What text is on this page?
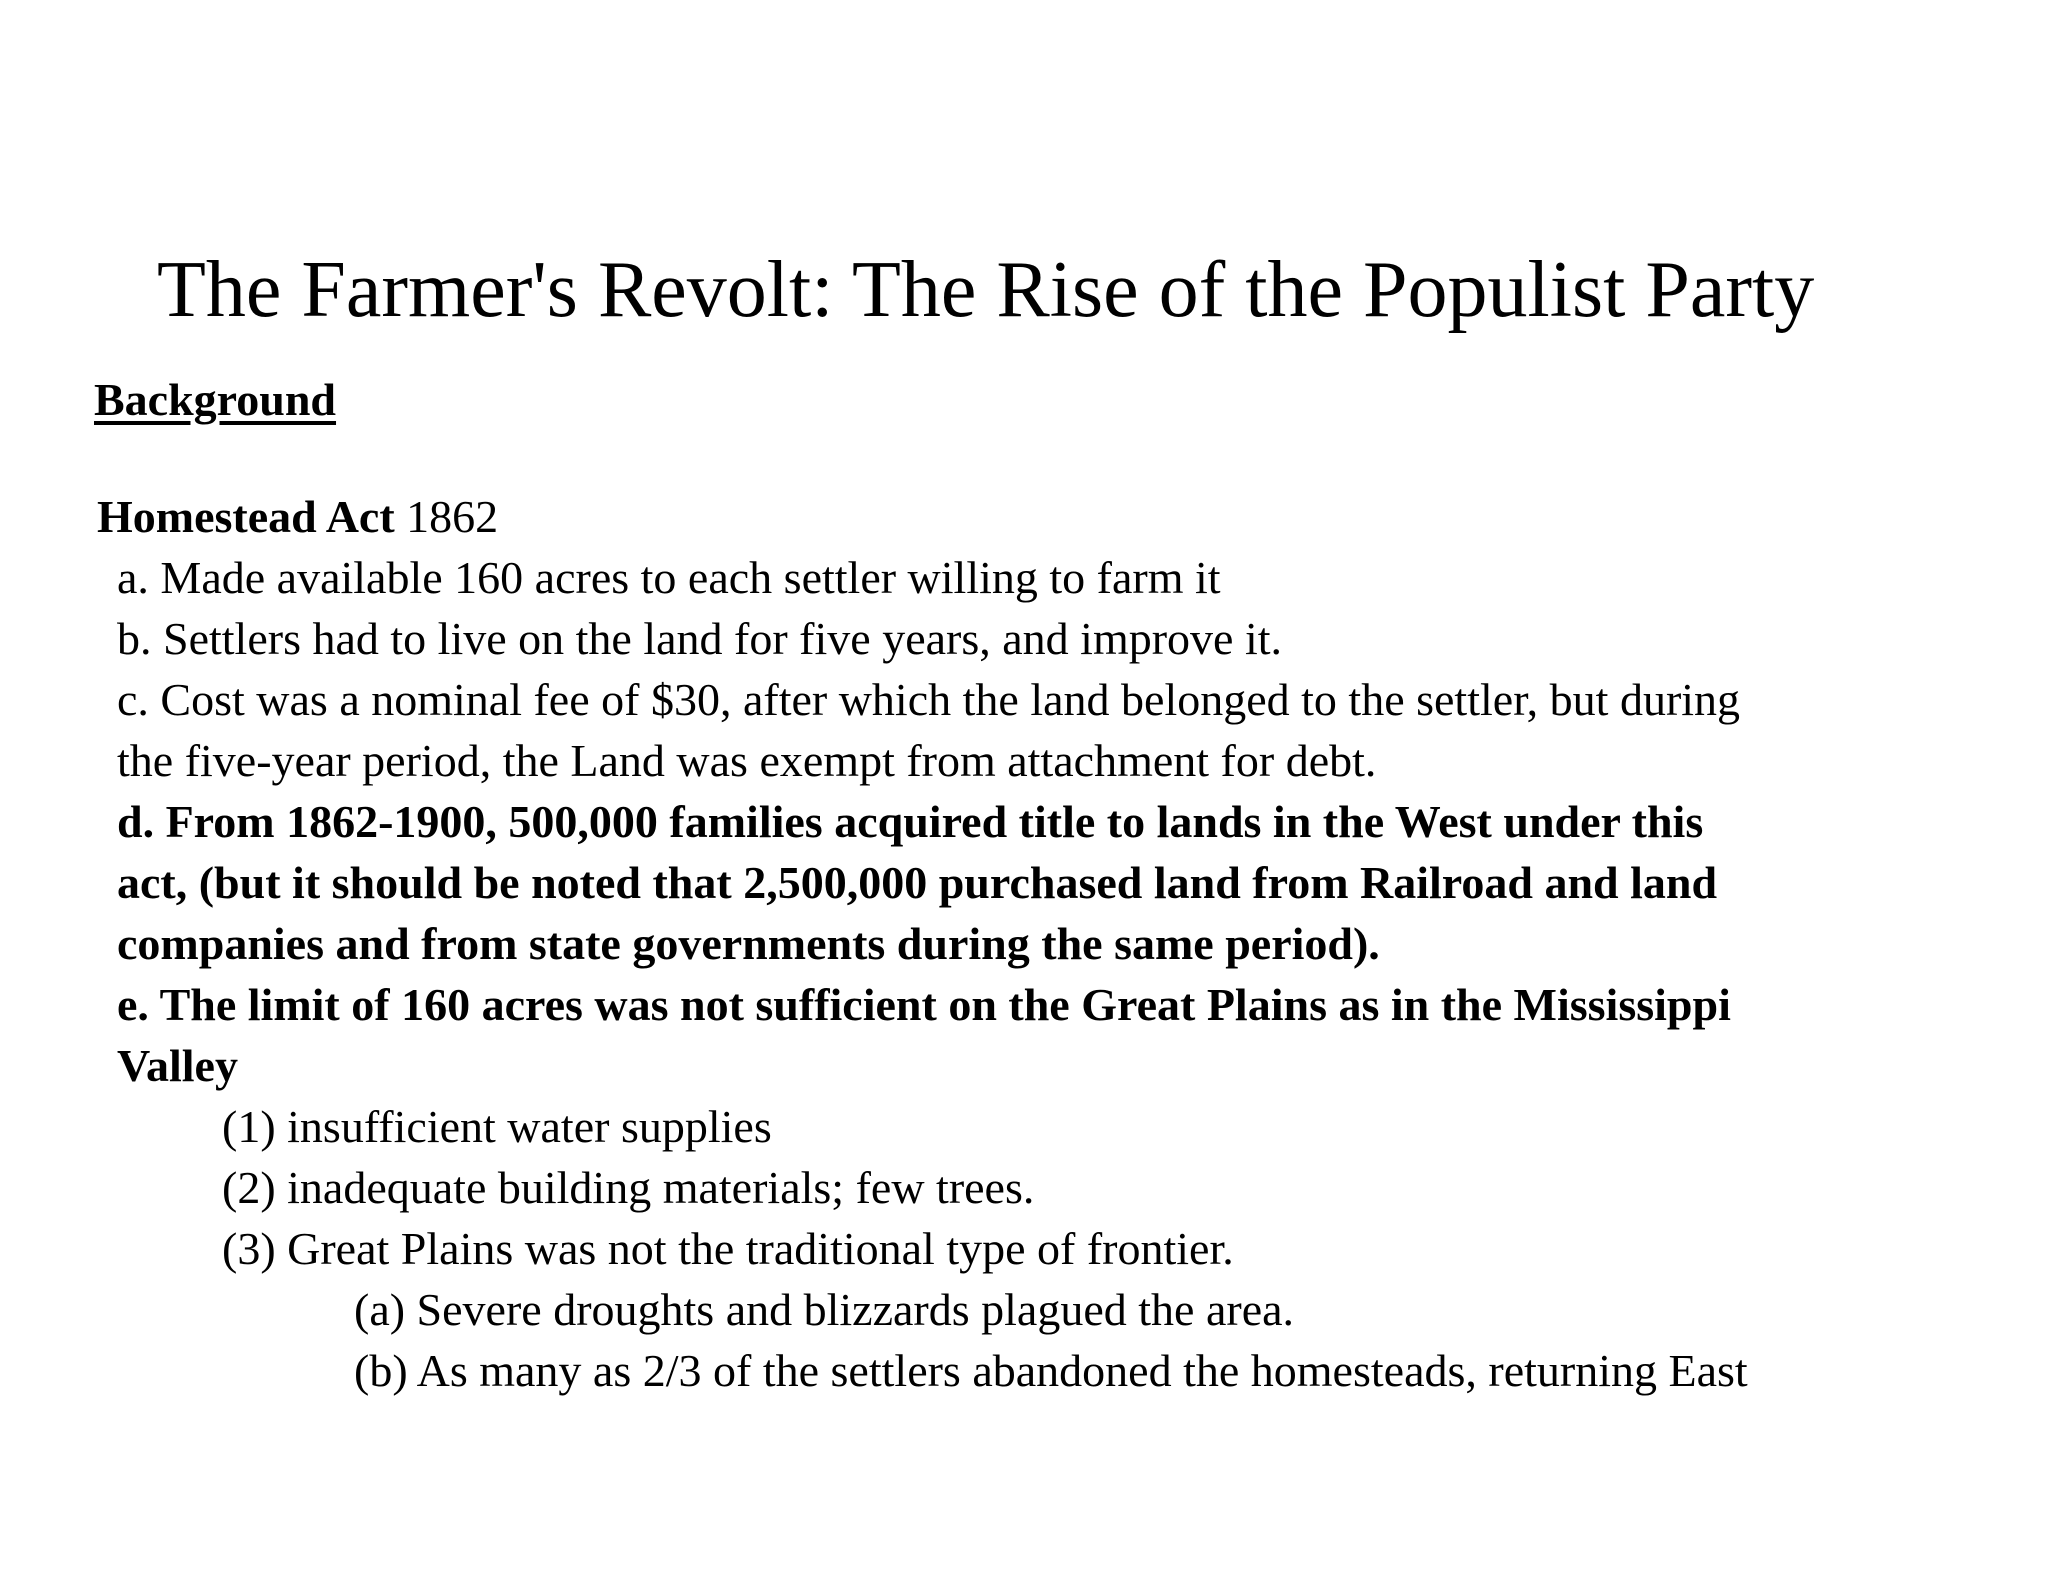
The Farmer's Revolt: The Rise of the Populist Party
Background
Homestead Act 1862
a. Made available 160 acres to each settler willing to farm it
b. Settlers had to live on the land for five years, and improve it.
c. Cost was a nominal fee of $30, after which the land belonged to the settler, but during
the five-year period, the Land was exempt from attachment for debt.
d. From 1862-1900, 500,000 families acquired title to lands in the West under this
act, (but it should be noted that 2,500,000 purchased land from Railroad and land
companies and from state governments during the same period).
e. The limit of 160 acres was not sufficient on the Great Plains as in the Mississippi
Valley
(1) insufficient water supplies
(2) inadequate building materials; few trees.
(3) Great Plains was not the traditional type of frontier.
(a) Severe droughts and blizzards plagued the area.
(b) As many as 2/3 of the settlers abandoned the homesteads, returning East
